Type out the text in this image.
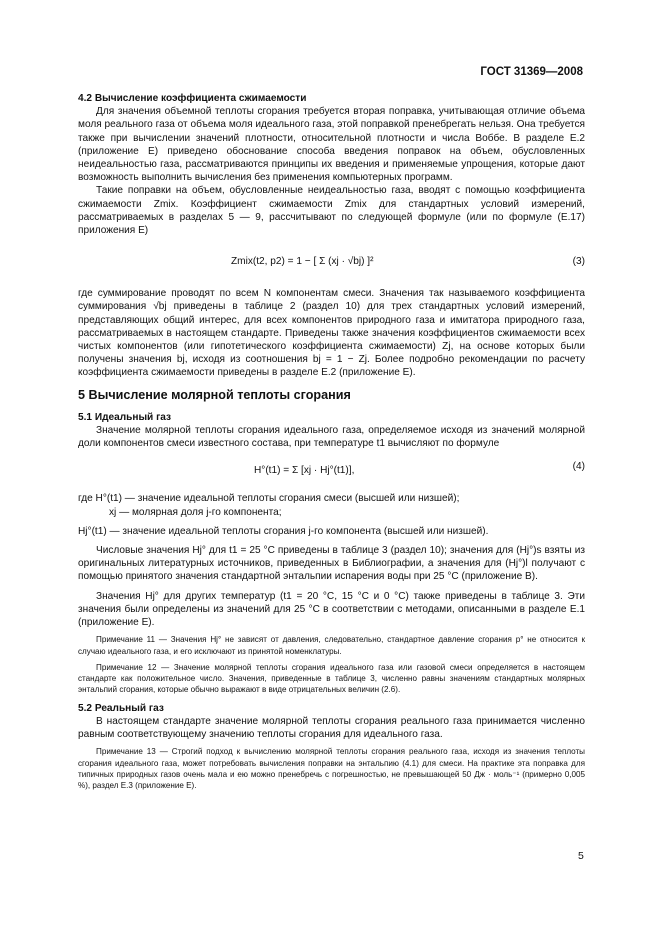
ГОСТ 31369—2008

4.2 Вычисление коэффициента сжимаемости

Для значения объемной теплоты сгорания требуется вторая поправка, учитывающая отличие объема моля реального газа от объема моля идеального газа, этой поправкой пренебрегать нельзя. Она требуется также при вычислении значений плотности, относительной плотности и числа Воббе. В разделе Е.2 (приложение Е) приведено обоснование способа введения поправок на объем, обусловленных неидеальностью газа, рассматриваются принципы их введения и применяемые упрощения, которые дают возможность выполнить вычисления без применения компьютерных программ.

Такие поправки на объем, обусловленные неидеальностью газа, вводят с помощью коэффициента сжимаемости Zmix. Коэффициент сжимаемости Zmix для стандартных условий измерений, рассматриваемых в разделах 5 — 9, рассчитывают по следующей формуле (или по формуле (Е.17) приложения Е)

Zmix(t2, p2) = 1 − [ Σ (xj · √bj) ]²	(3)

где суммирование проводят по всем N компонентам смеси. Значения так называемого коэффициента суммирования √bj приведены в таблице 2 (раздел 10) для трех стандартных условий измерений, представляющих общий интерес, для всех компонентов природного газа и имитатора природного газа, рассматриваемых в настоящем стандарте. Приведены также значения коэффициентов сжимаемости всех чистых компонентов (или гипотетического коэффициента сжимаемости) Zj, на основе которых были получены значения bj, исходя из соотношения bj = 1 − Zj. Более подробно рекомендации по расчету коэффициента сжимаемости приведены в разделе Е.2 (приложение Е).

5 Вычисление молярной теплоты сгорания

5.1 Идеальный газ

Значение молярной теплоты сгорания идеального газа, определяемое исходя из значений молярной доли компонентов смеси известного состава, при температуре t1 вычисляют по формуле

H°(t1) = Σ [xj · Hj°(t1)],	(4)

где H°(t1) — значение идеальной теплоты сгорания смеси (высшей или низшей);

xj — молярная доля j-го компонента;

Hj°(t1) — значение идеальной теплоты сгорания j-го компонента (высшей или низшей).

Числовые значения Hj° для t1 = 25 °C приведены в таблице 3 (раздел 10); значения для (Hj°)s взяты из оригинальных литературных источников, приведенных в Библиографии, а значения для (Hj°)l получают с помощью принятого значения стандартной энтальпии испарения воды при 25 °C (приложение В).

Значения Hj° для других температур (t1 = 20 °C, 15 °C и 0 °C) также приведены в таблице 3. Эти значения были определены из значений для 25 °C в соответствии с методами, описанными в разделе Е.1 (приложение Е).

Примечание 11 — Значения Hj° не зависят от давления, следовательно, стандартное давление сгорания p° не относится к случаю идеального газа, и его исключают из принятой номенклатуры.

Примечание 12 — Значение молярной теплоты сгорания идеального газа или газовой смеси определяется в настоящем стандарте как положительное число. Значения, приведенные в таблице 3, численно равны значениям стандартных молярных энтальпий сгорания, которые обычно выражают в виде отрицательных величин (2.6).

5.2 Реальный газ

В настоящем стандарте значение молярной теплоты сгорания реального газа принимается численно равным соответствующему значению теплоты сгорания для идеального газа.

Примечание 13 — Строгий подход к вычислению молярной теплоты сгорания реального газа, исходя из значения теплоты сгорания идеального газа, может потребовать вычисления поправки на энтальпию (4.1) для смеси. На практике эта поправка для типичных природных газов очень мала и ею можно пренебречь с погрешностью, не превышающей 50 Дж · моль⁻¹ (примерно 0,005 %), раздел Е.3 (приложение Е).

5
